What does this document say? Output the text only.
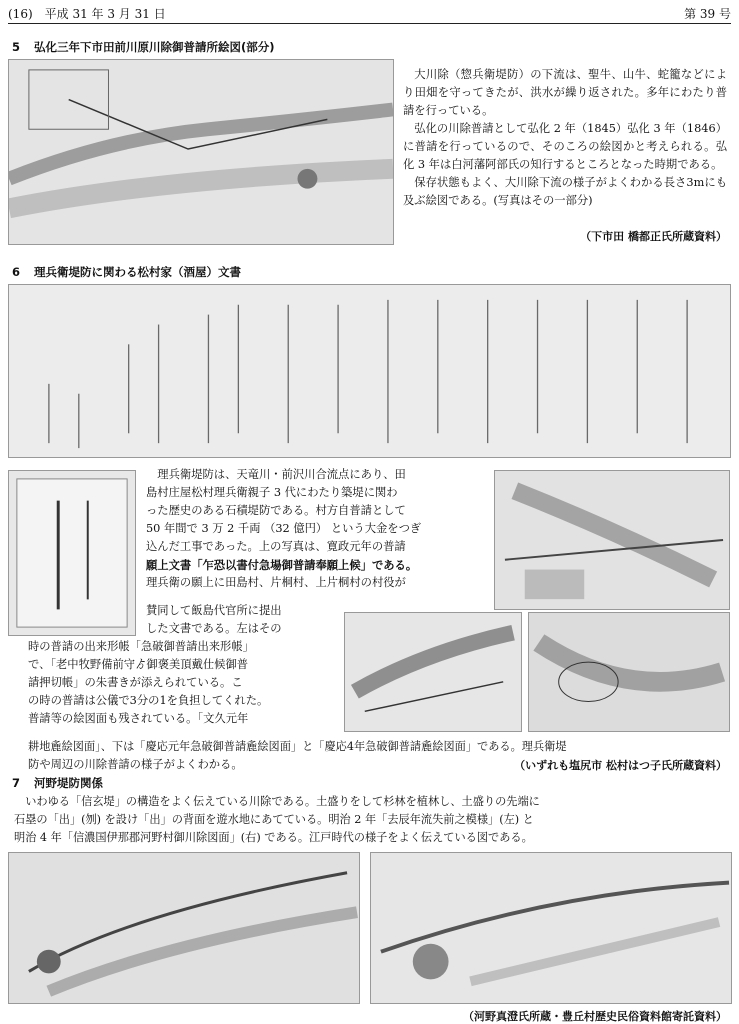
(16)　平成 31 年 3 月 31 日	第 39 号
5 弘化三年下市田前川原川除御普請所絵図(部分)

大川除（惣兵衛堤防）の下流は、聖牛、山牛、蛇籠などにより田畑を守ってきたが、洪水が繰り返された。多年にわたり普請を行っている。

弘化の川除普請として弘化 2 年（1845）弘化 3 年（1846）に普請を行っているので、そのころの絵図かと考えられる。弘化 3 年は白河藩阿部氏の知行するところとなった時期である。

保存状態もよく、大川除下流の様子がよくわかる長さ3mにも及ぶ絵図である。(写真はその一部分)

（下市田 橋都正氏所蔵資料）
6 理兵衛堤防に関わる松村家（酒屋）文書

理兵衛堤防は、天竜川・前沢川合流点にあり、田

島村庄屋松村理兵衛親子 3 代にわたり築堤に関わ

った歴史のある石積堤防である。村方自普請として

50 年間で 3 万 2 千両 （32 億円） という大金をつぎ

込んだ工事であった。上の写真は、寛政元年の普請

願上文書「乍恐以書付急場御普請奉願上候」である。

理兵衛の願上に田島村、片桐村、上片桐村の村役が

賛同して飯島代官所に提出

した文書である。左はその

時の普請の出来形帳「急破御普請出来形帳」

で、「老中牧野備前守ゟ御褒美頂戴仕候御普

請押切帳」の朱書きが添えられている。こ

の時の普請は公儀で3分の1を負担してくれた。

普請等の絵図面も残されている。「文久元年

耕地麁絵図面」、下は「慶応元年急破御普請麁絵図面」と「慶応4年急破御普請麁絵図面」である。理兵衛堤
防や周辺の川除普請の様子がよくわかる。	（いずれも塩尻市 松村はつ子氏所蔵資料）
7 河野堤防関係

いわゆる「信玄堤」の構造をよく伝えている川除である。土盛りをして杉林を植林し、土盛りの先端に

石塁の「出」(刎) を設け「出」の背面を遊水地にあてている。明治 2 年「去辰年流失前之模様」(左) と

明治 4 年「信濃国伊那郡河野村御川除図面」(右) である。江戸時代の様子をよく伝えている図である。

（河野真澄氏所蔵・豊丘村歴史民俗資料館寄託資料）
